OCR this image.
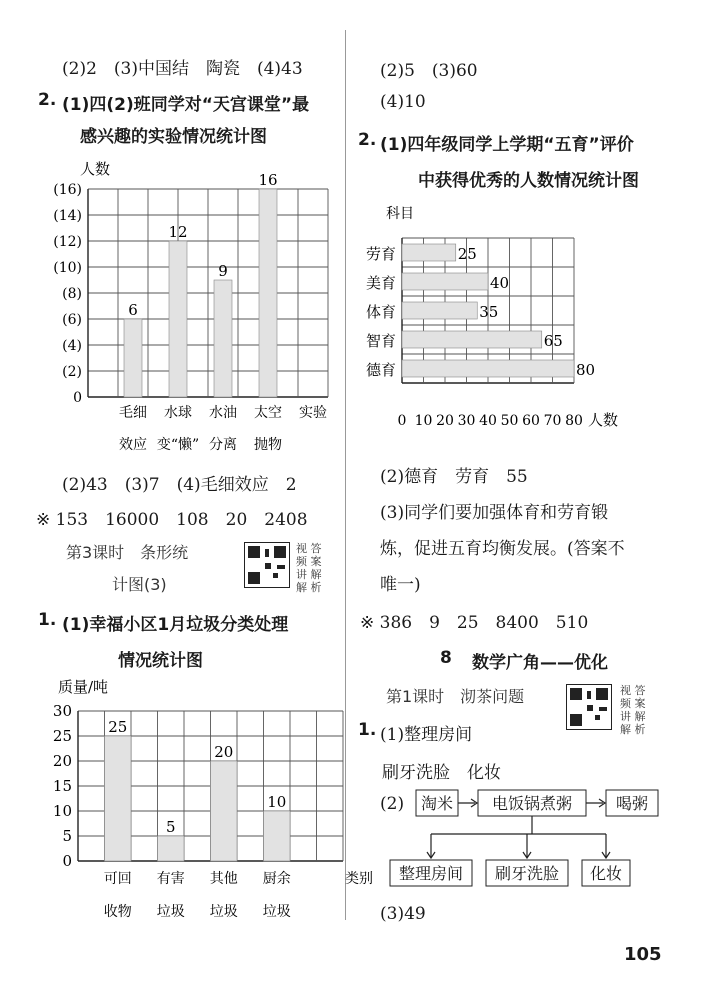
(2)2　(3)中国结　陶瓷　(4)43
2. (1)四(2)班同学对“天宫课堂”最
感兴趣的实验情况统计图
人数
(16)
(14)
(12)
(10)
(8)
(6)
(4)
(2)
0
6
毛细
效应
12
水球
变“懒”
9
水油
分离
16
太空
抛物
实验
(2)43　(3)7　(4)毛细效应　2
※ 153　16000　108　20　2408
第3课时　条形统
计图(3)
视 答
频 案
讲 解
解 析
1. (1)幸福小区1月垃圾分类处理
情况统计图
质量/吨
30
25
20
15
10
5
0
25
可回
收物
5
有害
垃圾
20
其他
垃圾
10
厨余
垃圾
类别
(2)5　(3)60
(4)10
2. (1)四年级同学上学期“五育”评价
中获得优秀的人数情况统计图
科目
0 10 20 30 40 50 60 70 80 人数
25
劳育
40
美育
35
体育
65
智育
80
德育
(2)德育　劳育　55
(3)同学们要加强体育和劳育锻
炼，促进五育均衡发展。(答案不
唯一)
※ 386　9　25　8400　510
8 数学广角——优化
第1课时　沏茶问题	视 答
频 案
讲 解
解 析
1. (1)整理房间
刷牙洗脸　化妆
(2) 淘米 电饭锅煮粥	喝粥
整理房间 刷牙洗脸 化妆
(3)49
105
